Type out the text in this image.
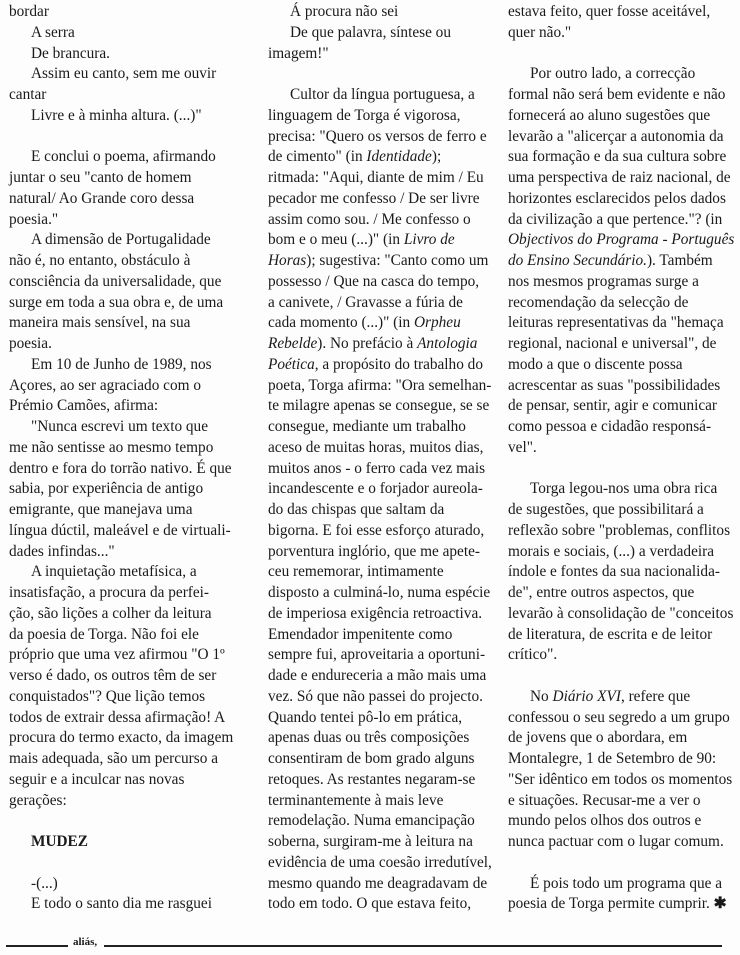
bordar
A serra
De brancura.
Assim eu canto, sem me ouvir
cantar
Livre e à minha altura. (...)"
E conclui o poema, afirmando
juntar o seu "canto de homem
natural/ Ao Grande coro dessa
poesia."
A dimensão de Portugalidade
não é, no entanto, obstáculo à
consciência da universalidade, que
surge em toda a sua obra e, de uma
maneira mais sensível, na sua
poesia.
Em 10 de Junho de 1989, nos
Açores, ao ser agraciado com o
Prémio Camões, afirma:
"Nunca escrevi um texto que
me não sentisse ao mesmo tempo
dentro e fora do torrão nativo. É que
sabia, por experiência de antigo
emigrante, que manejava uma
língua dúctil, maleável e de virtuali-
dades infindas..."
A inquietação metafísica, a
insatisfação, a procura da perfei-
ção, são lições a colher da leitura
da poesia de Torga. Não foi ele
próprio que uma vez afirmou "O 1º
verso é dado, os outros têm de ser
conquistados"? Que lição temos
todos de extrair dessa afirmação! A
procura do termo exacto, da imagem
mais adequada, são um percurso a
seguir e a inculcar nas novas
gerações:
MUDEZ
-(...)
E todo o santo dia me rasguei
Á procura não sei
De que palavra, síntese ou
imagem!"
Cultor da língua portuguesa, a
linguagem de Torga é vigorosa,
precisa: "Quero os versos de ferro e
de cimento" (in Identidade);
ritmada: "Aqui, diante de mim / Eu
pecador me confesso / De ser livre
assim como sou. / Me confesso o
bom e o meu (...)" (in Livro de
Horas); sugestiva: "Canto como um
possesso / Que na casca do tempo,
a canivete, / Gravasse a fúria de
cada momento (...)" (in Orpheu
Rebelde). No prefácio à Antologia
Poética, a propósito do trabalho do
poeta, Torga afirma: "Ora semelhan-
te milagre apenas se consegue, se se
consegue, mediante um trabalho
aceso de muitas horas, muitos dias,
muitos anos - o ferro cada vez mais
incandescente e o forjador aureola-
do das chispas que saltam da
bigorna. E foi esse esforço aturado,
porventura inglório, que me apete-
ceu rememorar, intimamente
disposto a culminá-lo, numa espécie
de imperiosa exigência retroactiva.
Emendador impenitente como
sempre fui, aproveitaria a oportuni-
dade e endureceria a mão mais uma
vez. Só que não passei do projecto.
Quando tentei pô-lo em prática,
apenas duas ou três composições
consentiram de bom grado alguns
retoques. As restantes negaram-se
terminantemente à mais leve
remodelação. Numa emancipação
soberna, surgiram-me à leitura na
evidência de uma coesão irredutível,
mesmo quando me deagradavam de
todo em todo. O que estava feito,
estava feito, quer fosse aceitável,
quer não."
Por outro lado, a correcção
formal não será bem evidente e não
fornecerá ao aluno sugestões que
levarão a "alicerçar a autonomia da
sua formação e da sua cultura sobre
uma perspectiva de raiz nacional, de
horizontes esclarecidos pelos dados
da civilização a que pertence."? (in
Objectivos do Programa - Português
do Ensino Secundário.). Também
nos mesmos programas surge a
recomendação da selecção de
leituras representativas da "hemaça
regional, nacional e universal", de
modo a que o discente possa
acrescentar as suas "possibilidades
de pensar, sentir, agir e comunicar
como pessoa e cidadão responsá-
vel".
Torga legou-nos uma obra rica
de sugestões, que possibilitará a
reflexão sobre "problemas, conflitos
morais e sociais, (...) a verdadeira
índole e fontes da sua nacionalida-
de", entre outros aspectos, que
levarão à consolidação de "conceitos
de literatura, de escrita e de leitor
crítico".
No Diário XVI, refere que
confessou o seu segredo a um grupo
de jovens que o abordara, em
Montalegre, 1 de Setembro de 90:
"Ser idêntico em todos os momentos
e situações. Recusar-me a ver o
mundo pelos olhos dos outros e
nunca pactuar com o lugar comum.
É pois todo um programa que a
poesia de Torga permite cumprir. ✱
aliás,
